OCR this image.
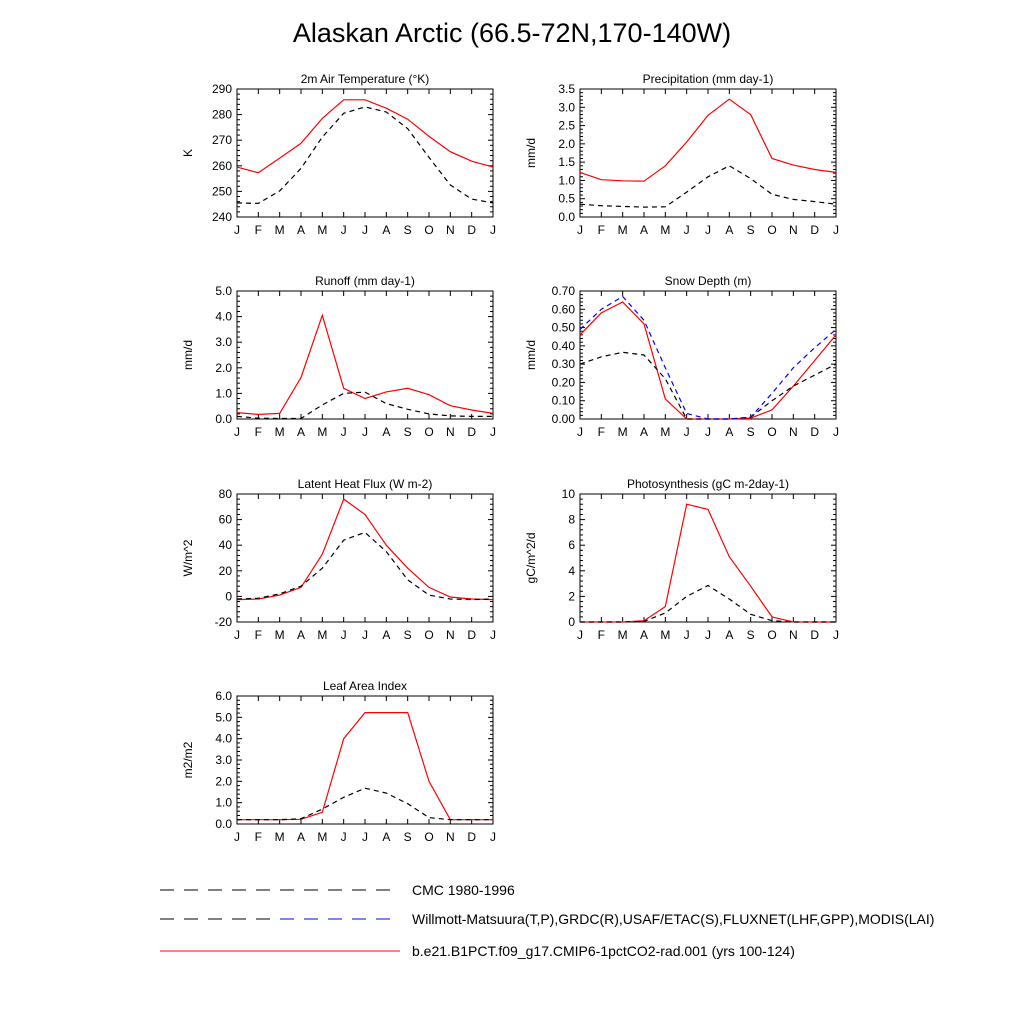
Alaskan Arctic (66.5-72N,170-140W)
2m Air Temperature (°K)
K
240
250
260
270
280
290
J F M A M J J A S O N D J
Precipitation (mm day-1)
mm/d
0.0
0.5
1.0
1.5
2.0
2.5
3.0
3.5
J F M A M J J A S O N D J
Runoff (mm day-1)
mm/d
0.0
1.0
2.0
3.0
4.0
5.0
J F M A M J J A S O N D J
Snow Depth (m)
mm/d
0.00
0.10
0.20
0.30
0.40
0.50
0.60
0.70
J F M A M J J A S O N D J
Latent Heat Flux (W m-2)
W/m^2
-20
0
20
40
60
80
J F M A M J J A S O N D J
Photosynthesis (gC m-2day-1)
gC/m^2/d
0
2
4
6
8
10
J F M A M J J A S O N D J
Leaf Area Index
m2/m2
0.0
1.0
2.0
3.0
4.0
5.0
6.0
J F M A M J J A S O N D J
CMC 1980-1996
Willmott-Matsuura(T,P),GRDC(R),USAF/ETAC(S),FLUXNET(LHF,GPP),MODIS(LAI)
b.e21.B1PCT.f09_g17.CMIP6-1pctCO2-rad.001 (yrs 100-124)
